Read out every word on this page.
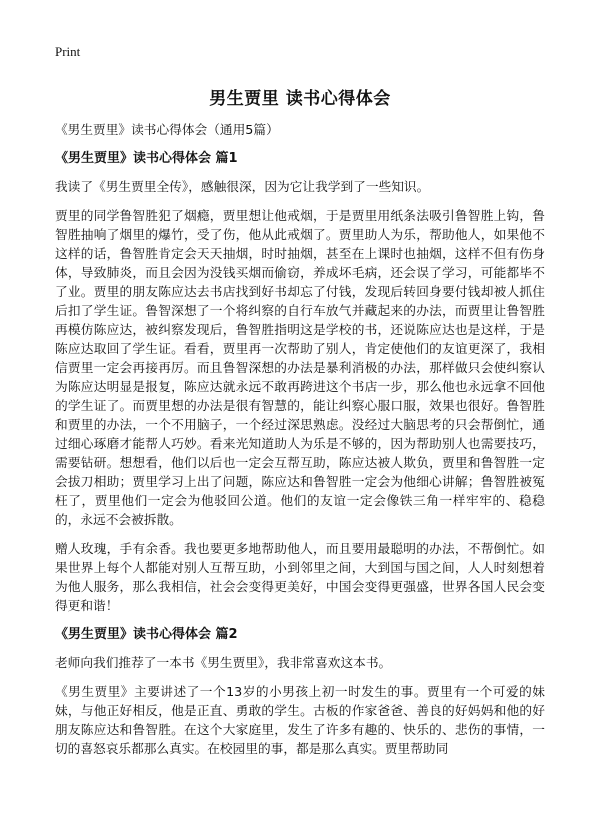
Print
男生贾里 读书心得体会

《男生贾里》读书心得体会（通用5篇）

《男生贾里》读书心得体会 篇1

我读了《男生贾里全传》，感触很深，因为它让我学到了一些知识。

贾里的同学鲁智胜犯了烟瘾，贾里想让他戒烟，于是贾里用纸条法吸引鲁智胜上钩，鲁智胜抽响了烟里的爆竹，受了伤，他从此戒烟了。贾里助人为乐，帮助他人，如果他不这样的话，鲁智胜肯定会天天抽烟，时时抽烟，甚至在上课时也抽烟，这样不但有伤身体，导致肺炎，而且会因为没钱买烟而偷窃，养成坏毛病，还会误了学习，可能都毕不了业。贾里的朋友陈应达去书店找到好书却忘了付钱，发现后转回身要付钱却被人抓住后扣了学生证。鲁智深想了一个将纠察的自行车放气并藏起来的办法，而贾里让鲁智胜再模仿陈应达，被纠察发现后，鲁智胜指明这是学校的书，还说陈应达也是这样，于是陈应达取回了学生证。看看，贾里再一次帮助了别人，肯定使他们的友谊更深了，我相信贾里一定会再接再厉。而且鲁智深想的办法是暴利消极的办法，那样做只会使纠察认为陈应达明显是报复，陈应达就永远不敢再跨进这个书店一步，那么他也永远拿不回他的学生证了。而贾里想的办法是很有智慧的，能让纠察心服口服，效果也很好。鲁智胜和贾里的办法，一个不用脑子，一个经过深思熟虑。没经过大脑思考的只会帮倒忙，通过细心琢磨才能帮人巧妙。看来光知道助人为乐是不够的，因为帮助别人也需要技巧，需要钻研。想想看，他们以后也一定会互帮互助，陈应达被人欺负，贾里和鲁智胜一定会拔刀相助；贾里学习上出了问题，陈应达和鲁智胜一定会为他细心讲解；鲁智胜被冤枉了，贾里他们一定会为他驳回公道。他们的友谊一定会像铁三角一样牢牢的、稳稳的，永远不会被拆散。

赠人玫瑰，手有余香。我也要更多地帮助他人，而且要用最聪明的办法，不帮倒忙。如果世界上每个人都能对别人互帮互助，小到邻里之间，大到国与国之间，人人时刻想着为他人服务，那么我相信，社会会变得更美好，中国会变得更强盛，世界各国人民会变得更和谐！

《男生贾里》读书心得体会 篇2

老师向我们推荐了一本书《男生贾里》，我非常喜欢这本书。

《男生贾里》主要讲述了一个13岁的小男孩上初一时发生的事。贾里有一个可爱的妹妹，与他正好相反，他是正直、勇敢的学生。古板的作家爸爸、善良的好妈妈和他的好朋友陈应达和鲁智胜。在这个大家庭里，发生了许多有趣的、快乐的、悲伤的事情，一切的喜怒哀乐都那么真实。在校园里的事，都是那么真实。贾里帮助同
